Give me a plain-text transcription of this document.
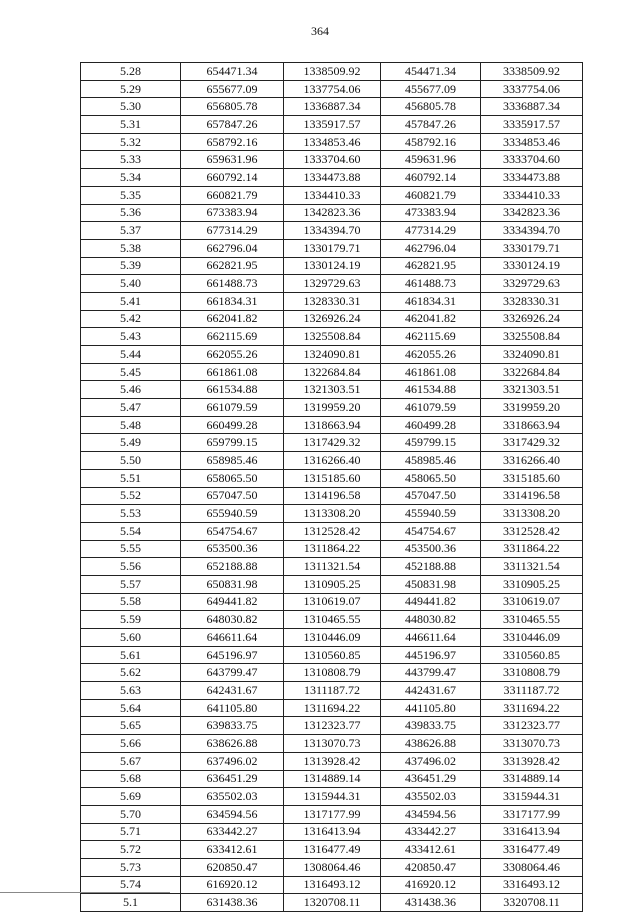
364
5.28	654471.34	1338509.92	454471.34	3338509.92
5.29	655677.09	1337754.06	455677.09	3337754.06
5.30	656805.78	1336887.34	456805.78	3336887.34
5.31	657847.26	1335917.57	457847.26	3335917.57
5.32	658792.16	1334853.46	458792.16	3334853.46
5.33	659631.96	1333704.60	459631.96	3333704.60
5.34	660792.14	1334473.88	460792.14	3334473.88
5.35	660821.79	1334410.33	460821.79	3334410.33
5.36	673383.94	1342823.36	473383.94	3342823.36
5.37	677314.29	1334394.70	477314.29	3334394.70
5.38	662796.04	1330179.71	462796.04	3330179.71
5.39	662821.95	1330124.19	462821.95	3330124.19
5.40	661488.73	1329729.63	461488.73	3329729.63
5.41	661834.31	1328330.31	461834.31	3328330.31
5.42	662041.82	1326926.24	462041.82	3326926.24
5.43	662115.69	1325508.84	462115.69	3325508.84
5.44	662055.26	1324090.81	462055.26	3324090.81
5.45	661861.08	1322684.84	461861.08	3322684.84
5.46	661534.88	1321303.51	461534.88	3321303.51
5.47	661079.59	1319959.20	461079.59	3319959.20
5.48	660499.28	1318663.94	460499.28	3318663.94
5.49	659799.15	1317429.32	459799.15	3317429.32
5.50	658985.46	1316266.40	458985.46	3316266.40
5.51	658065.50	1315185.60	458065.50	3315185.60
5.52	657047.50	1314196.58	457047.50	3314196.58
5.53	655940.59	1313308.20	455940.59	3313308.20
5.54	654754.67	1312528.42	454754.67	3312528.42
5.55	653500.36	1311864.22	453500.36	3311864.22
5.56	652188.88	1311321.54	452188.88	3311321.54
5.57	650831.98	1310905.25	450831.98	3310905.25
5.58	649441.82	1310619.07	449441.82	3310619.07
5.59	648030.82	1310465.55	448030.82	3310465.55
5.60	646611.64	1310446.09	446611.64	3310446.09
5.61	645196.97	1310560.85	445196.97	3310560.85
5.62	643799.47	1310808.79	443799.47	3310808.79
5.63	642431.67	1311187.72	442431.67	3311187.72
5.64	641105.80	1311694.22	441105.80	3311694.22
5.65	639833.75	1312323.77	439833.75	3312323.77
5.66	638626.88	1313070.73	438626.88	3313070.73
5.67	637496.02	1313928.42	437496.02	3313928.42
5.68	636451.29	1314889.14	436451.29	3314889.14
5.69	635502.03	1315944.31	435502.03	3315944.31
5.70	634594.56	1317177.99	434594.56	3317177.99
5.71	633442.27	1316413.94	433442.27	3316413.94
5.72	633412.61	1316477.49	433412.61	3316477.49
5.73	620850.47	1308064.46	420850.47	3308064.46
5.74	616920.12	1316493.12	416920.12	3316493.12
5.1	631438.36	1320708.11	431438.36	3320708.11
